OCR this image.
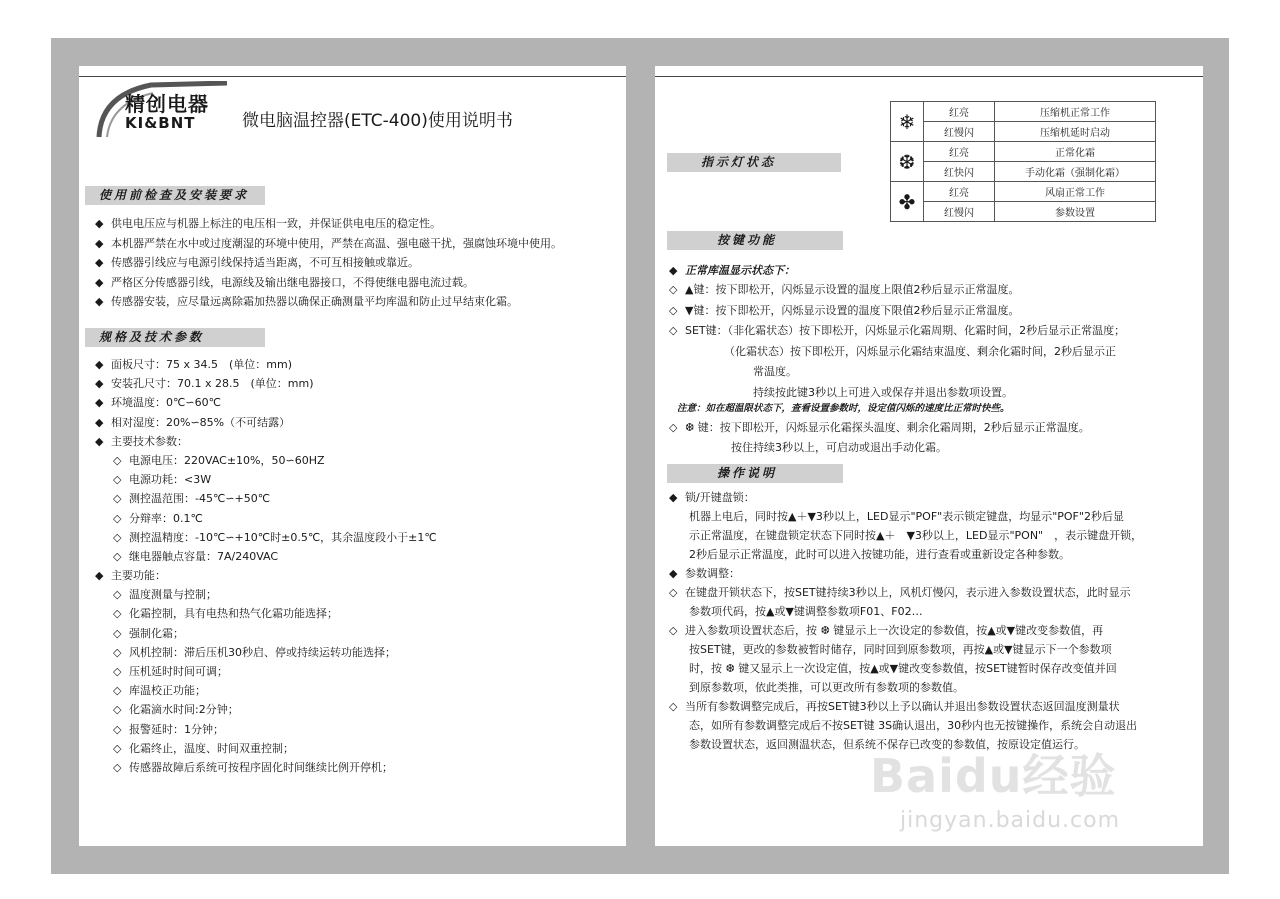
精创电器
KI&BNT	微电脑温控器(ETC-400)使用说明书
使用前检查及安装要求
◆ 供电电压应与机器上标注的电压相一致，并保证供电电压的稳定性。
◆ 本机器严禁在水中或过度潮湿的环境中使用，严禁在高温、强电磁干扰，强腐蚀环境中使用。
◆ 传感器引线应与电源引线保持适当距离，不可互相接触或靠近。
◆ 严格区分传感器引线，电源线及输出继电器接口，不得使继电器电流过载。
◆ 传感器安装，应尽量远离除霜加热器以确保正确测量平均库温和防止过早结束化霜。
规格及技术参数
◆ 面板尺寸：75 x 34.5　(单位：mm)
◆ 安装孔尺寸：70.1 x 28.5　(单位：mm)
◆ 环境温度：0℃∽60℃
◆ 相对湿度：20%∽85%（不可结露）
◆ 主要技术参数：
◇ 电源电压：220VAC±10%，50∽60HZ
◇ 电源功耗：<3W
◇ 测控温范围：-45℃∽+50℃
◇ 分辩率：0.1℃
◇ 测控温精度：-10℃∽+10℃时±0.5℃，其余温度段小于±1℃
◇ 继电器触点容量：7A/240VAC
◆ 主要功能：
◇ 温度测量与控制；
◇ 化霜控制，具有电热和热气化霜功能选择；
◇ 强制化霜；
◇ 风机控制：滞后压机30秒启、停或持续运转功能选择；
◇ 压机延时时间可调；
◇ 库温校正功能；
◇ 化霜滴水时间:2分钟；
◇ 报警延时：1分钟；
◇ 化霜终止，温度、时间双重控制；
◇ 传感器故障后系统可按程序固化时间继续比例开停机；
❄	红亮	压缩机正常工作
	红慢闪	压缩机延时启动
❆	红亮	正常化霜
	红快闪	手动化霜（强制化霜）
✤	红亮	风扇正常工作
	红慢闪	参数设置
指示灯状态
按键功能
◆ 正常库温显示状态下：
◇ ▲键：按下即松开，闪烁显示设置的温度上限值2秒后显示正常温度。
◇ ▼键：按下即松开，闪烁显示设置的温度下限值2秒后显示正常温度。
◇ SET键：（非化霜状态）按下即松开，闪烁显示化霜周期、化霜时间，2秒后显示正常温度；
（化霜状态）按下即松开，闪烁显示化霜结束温度、剩余化霜时间，2秒后显示正
常温度。
持续按此键3秒以上可进入或保存并退出参数项设置。
注意：如在超温限状态下，查看设置参数时，设定值闪烁的速度比正常时快些。
◇ ❆ 键：按下即松开，闪烁显示化霜探头温度、剩余化霜周期，2秒后显示正常温度。
按住持续3秒以上，可启动或退出手动化霜。
操作说明
◆ 锁/开键盘锁：
机器上电后，同时按▲＋▼3秒以上，LED显示"POF"表示锁定键盘，均显示"POF"2秒后显
示正常温度，在键盘锁定状态下同时按▲＋　▼3秒以上，LED显示"PON"　，表示键盘开锁，
2秒后显示正常温度，此时可以进入按键功能，进行查看或重新设定各种参数。
◆ 参数调整：
◇ 在键盘开锁状态下，按SET键持续3秒以上，风机灯慢闪，表示进入参数设置状态，此时显示
参数项代码，按▲或▼键调整参数项F01、F02…
◇ 进入参数项设置状态后，按 ❆ 键显示上一次设定的参数值，按▲或▼键改变参数值，再
按SET键，更改的参数被暂时储存，同时回到原参数项，再按▲或▼键显示下一个参数项
时，按 ❆ 键又显示上一次设定值，按▲或▼键改变参数值，按SET键暂时保存改变值并回
到原参数项，依此类推，可以更改所有参数项的参数值。
◇ 当所有参数调整完成后，再按SET键3秒以上予以确认并退出参数设置状态返回温度测量状
态，如所有参数调整完成后不按SET键 3S确认退出，30秒内也无按键操作，系统会自动退出
参数设置状态，返回测温状态，但系统不保存已改变的参数值，按原设定值运行。
Baidu经验
jingyan.baidu.com
